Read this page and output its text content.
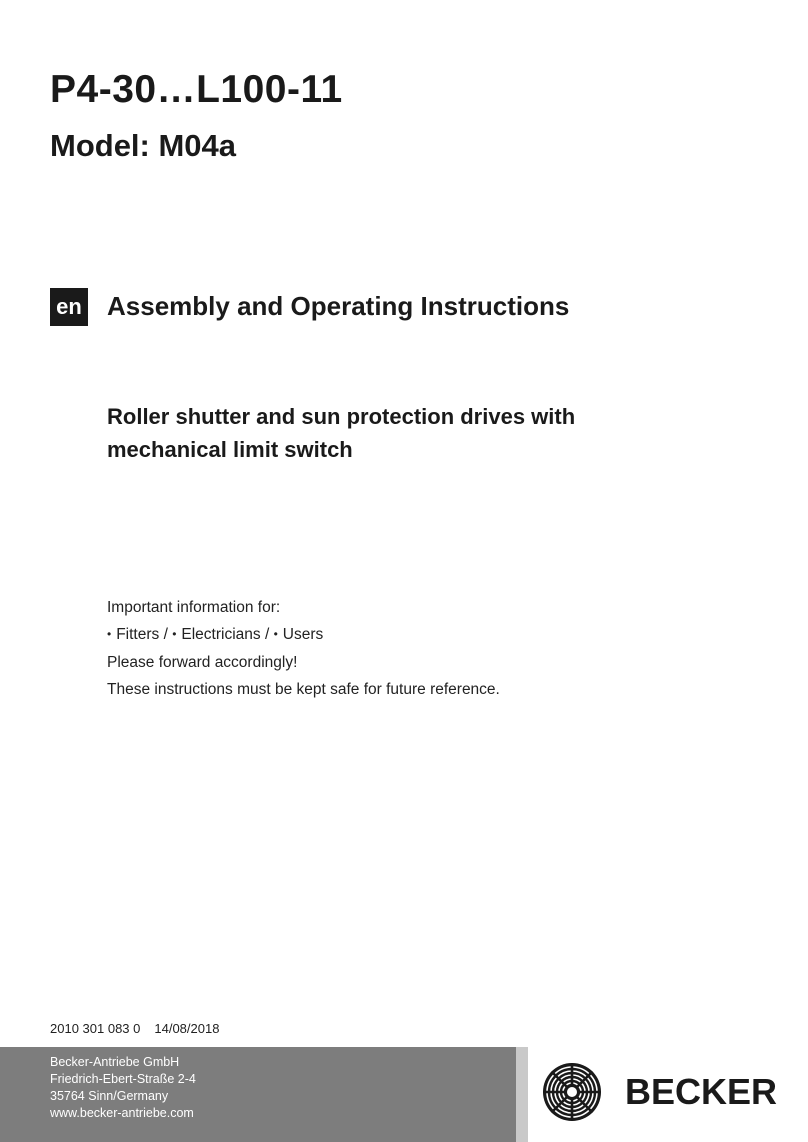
P4-30…L100-11
Model: M04a
en Assembly and Operating Instructions
Roller shutter and sun protection drives with
mechanical limit switch
Important information for:
• Fitters / • Electricians / • Users
Please forward accordingly!
These instructions must be kept safe for future reference.
2010 301 083 0 14/08/2018
Becker-Antriebe GmbH
Friedrich-Ebert-Straße 2-4
35764 Sinn/Germany
www.becker-antriebe.com
BECKER
